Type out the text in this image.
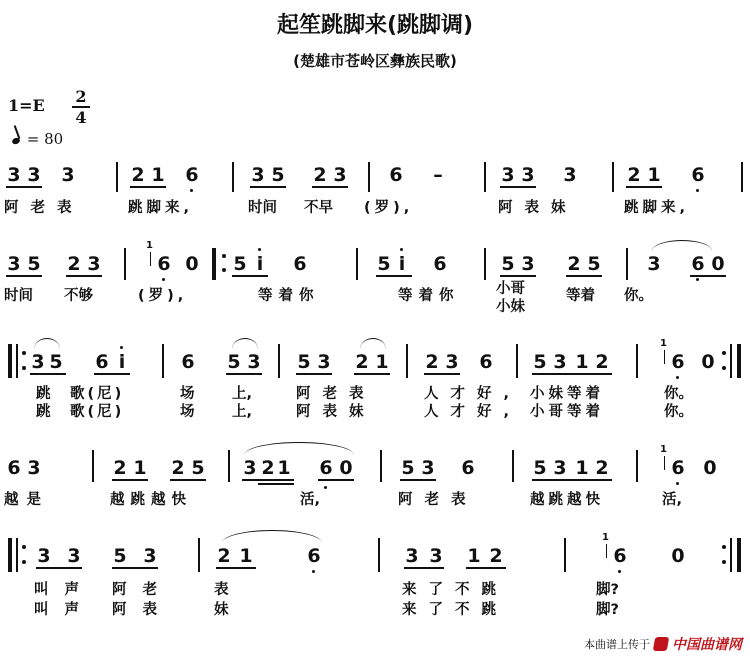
起笙跳脚来(跳脚调)
(楚雄市苍岭区彝族民歌)
1=E	2
4
= 80
3 3 3	2 1 6	3 5 2 3 6 –	3 3 3	2 1 6
阿老表	跳脚来,	时间 不早 (罗),	阿表妹	跳脚来,
3 5 2 3
1
6 0 5 i 6	5 i 6	5 3 2 5 3 6 0
时间 不够	(罗),	等着你	等着你	小哥
小妹
等着 你。
3 5 6 i	6 5 3 5 3 2 1 2 3 6 5 3 1 2
1
6 0
跳 歌(尼)	场	上,	阿老表	人才好, 小妹等着	你。
跳 歌(尼)	场	上,	阿表妹	人才好, 小哥等着	你。
6 3	2 1 2 5 3 2 1 6 0	5 3 6	5 3 1 2
1
6 0
越是	越跳越快	活,	阿老表	越跳越快	活,
3 3 5 3	2 1	6	3 3 1 2
1
6 0
叫声 阿老	表	来了不跳	脚?
叫声 阿表	妹	来了不跳	脚?
本曲谱上传于 中国曲谱网
